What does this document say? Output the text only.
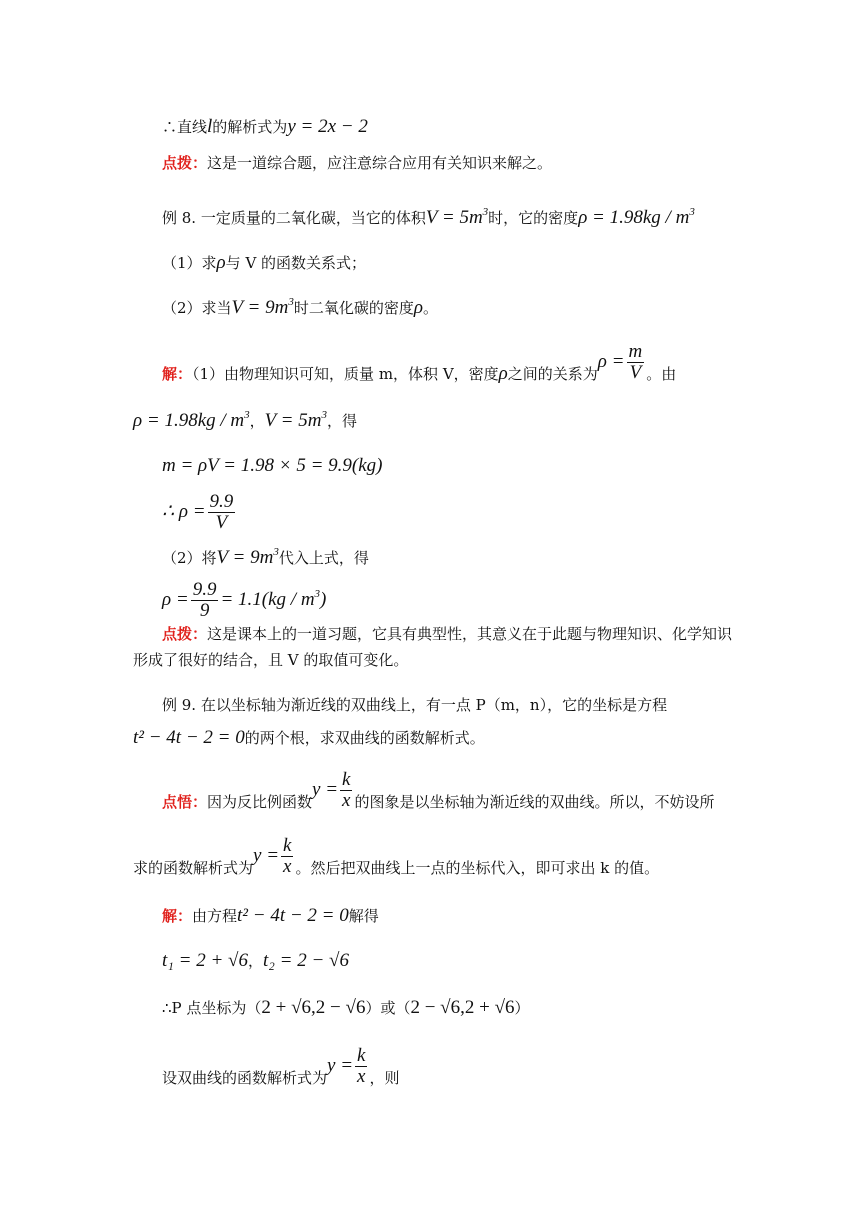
∴直线l的解析式为y = 2x − 2
点拨：这是一道综合题，应注意综合应用有关知识来解之。
例 8. 一定质量的二氧化碳，当它的体积$V = 5m^3$时，它的密度$\rho = 1.98kg / m^3$
（1）求ρ与 V 的函数关系式；
（2）求当$V = 9m^3$时二氧化碳的密度ρ。
解：（1）由物理知识可知，质量 m，体积 V，密度ρ之间的关系为$\rho = \frac{m}{V}$ 。由
$\rho = 1.98kg / m^3$，$V = 5m^3$，得
m = ρV = 1.98 × 5 = 9.9(kg)
∴ $\rho = \frac{9.9}{V}$
（2）将$V = 9m^3$代入上式，得
$\rho = \frac{9.9}{9} = 1.1(kg / m^3)$
点拨：这是课本上的一道习题，它具有典型性，其意义在于此题与物理知识、化学知识
形成了很好的结合，且 V 的取值可变化。
例 9. 在以坐标轴为渐近线的双曲线上，有一点 P（m，n），它的坐标是方程
t² − 4t − 2 = 0的两个根，求双曲线的函数解析式。
点悟：因为反比例函数$y = \frac{k}{x}$ 的图象是以坐标轴为渐近线的双曲线。所以，不妨设所
求的函数解析式为$y = \frac{k}{x}$ 。然后把双曲线上一点的坐标代入，即可求出 k 的值。
解：由方程t² − 4t − 2 = 0解得
t₁ = 2 + √6，t₂ = 2 − √6
∴P 点坐标为（2 + √6,2 − √6）或（2 − √6,2 + √6）
设双曲线的函数解析式为$y = \frac{k}{x}$ ，则
